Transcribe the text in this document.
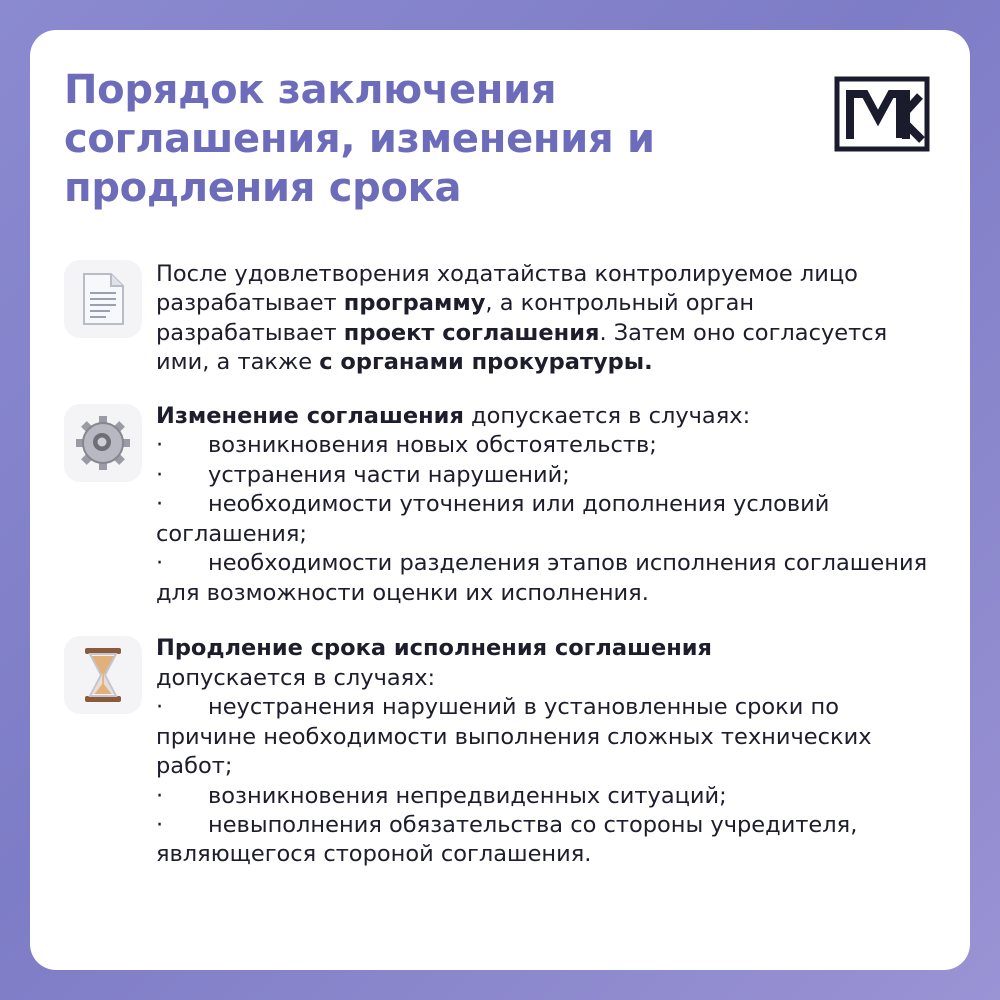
Порядок заключения соглашения, изменения и продления срока

После удовлетворения ходатайства контролируемое лицо разрабатывает программу, а контрольный орган разрабатывает проект соглашения. Затем оно согласуется ими, а также с органами прокуратуры.

Изменение соглашения допускается в случаях:

· возникновения новых обстоятельств;

· устранения части нарушений;

· необходимости уточнения или дополнения условий соглашения;

· необходимости разделения этапов исполнения соглашения для возможности оценки их исполнения.

Продление срока исполнения соглашения

допускается в случаях:

· неустранения нарушений в установленные сроки по причине необходимости выполнения сложных технических работ;

· возникновения непредвиденных ситуаций;

· невыполнения обязательства со стороны учредителя, являющегося стороной соглашения.
